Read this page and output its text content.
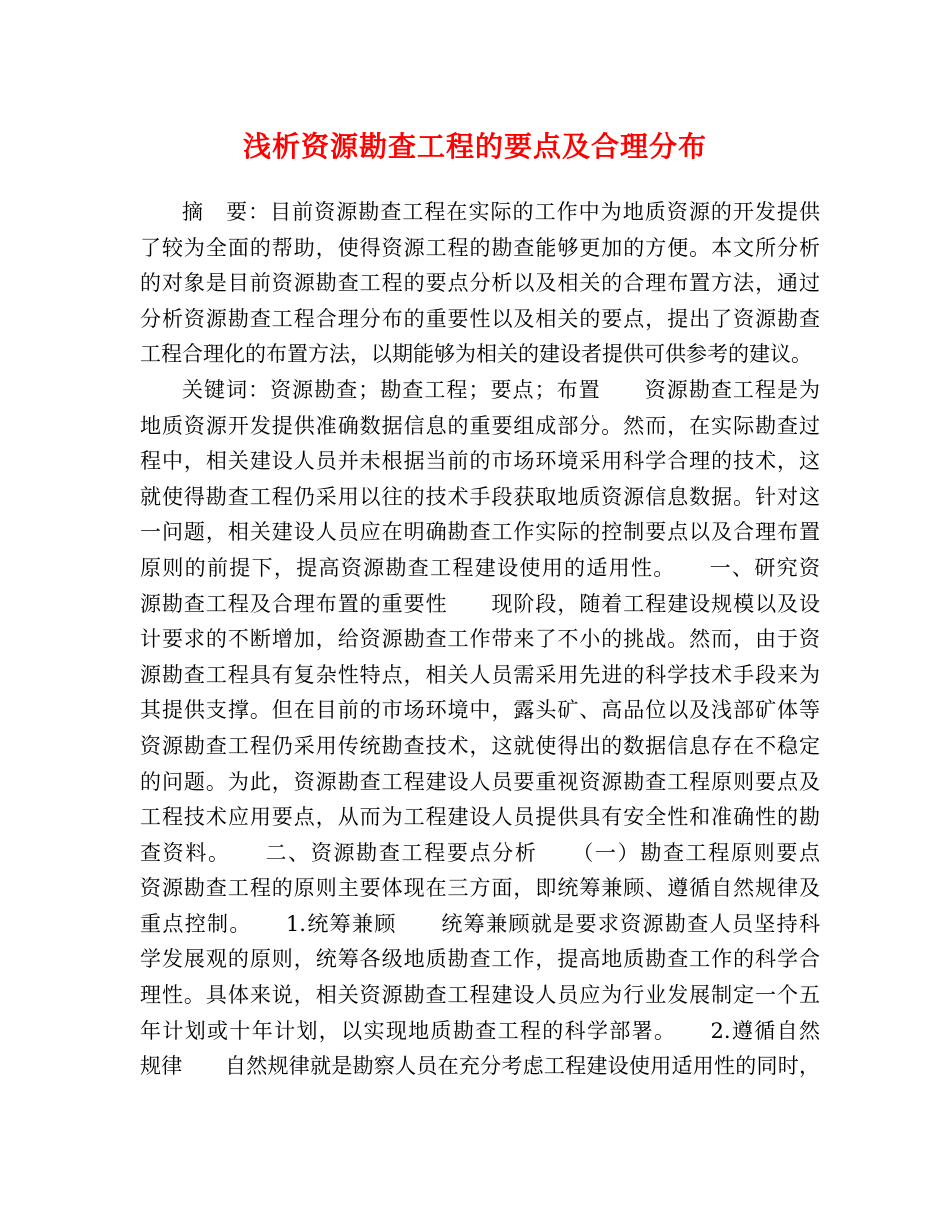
浅析资源勘查工程的要点及合理分布
摘　要：目前资源勘查工程在实际的工作中为地质资源的开发提供
了较为全面的帮助，使得资源工程的勘查能够更加的方便。本文所分析
的对象是目前资源勘查工程的要点分析以及相关的合理布置方法，通过
分析资源勘查工程合理分布的重要性以及相关的要点，提出了资源勘查
工程合理化的布置方法，以期能够为相关的建设者提供可供参考的建议。
关键词：资源勘查；勘查工程；要点；布置　　资源勘查工程是为
地质资源开发提供准确数据信息的重要组成部分。然而，在实际勘查过
程中，相关建设人员并未根据当前的市场环境采用科学合理的技术，这
就使得勘查工程仍采用以往的技术手段获取地质资源信息数据。针对这
一问题，相关建设人员应在明确勘查工作实际的控制要点以及合理布置
原则的前提下，提高资源勘查工程建设使用的适用性。　　一、研究资
源勘查工程及合理布置的重要性　　现阶段，随着工程建设规模以及设
计要求的不断增加，给资源勘查工作带来了不小的挑战。然而，由于资
源勘查工程具有复杂性特点，相关人员需采用先进的科学技术手段来为
其提供支撑。但在目前的市场环境中，露头矿、高品位以及浅部矿体等
资源勘查工程仍采用传统勘查技术，这就使得出的数据信息存在不稳定
的问题。为此，资源勘查工程建设人员要重视资源勘查工程原则要点及
工程技术应用要点，从而为工程建设人员提供具有安全性和准确性的勘
查资料。　　二、资源勘查工程要点分析　　（一）勘查工程原则要点
资源勘查工程的原则主要体现在三方面，即统筹兼顾、遵循自然规律及
重点控制。　　1.统筹兼顾　　统筹兼顾就是要求资源勘查人员坚持科
学发展观的原则，统筹各级地质勘查工作，提高地质勘查工作的科学合
理性。具体来说，相关资源勘查工程建设人员应为行业发展制定一个五
年计划或十年计划，以实现地质勘查工程的科学部署。　　2.遵循自然
规律　　自然规律就是勘察人员在充分考虑工程建设使用适用性的同时，
